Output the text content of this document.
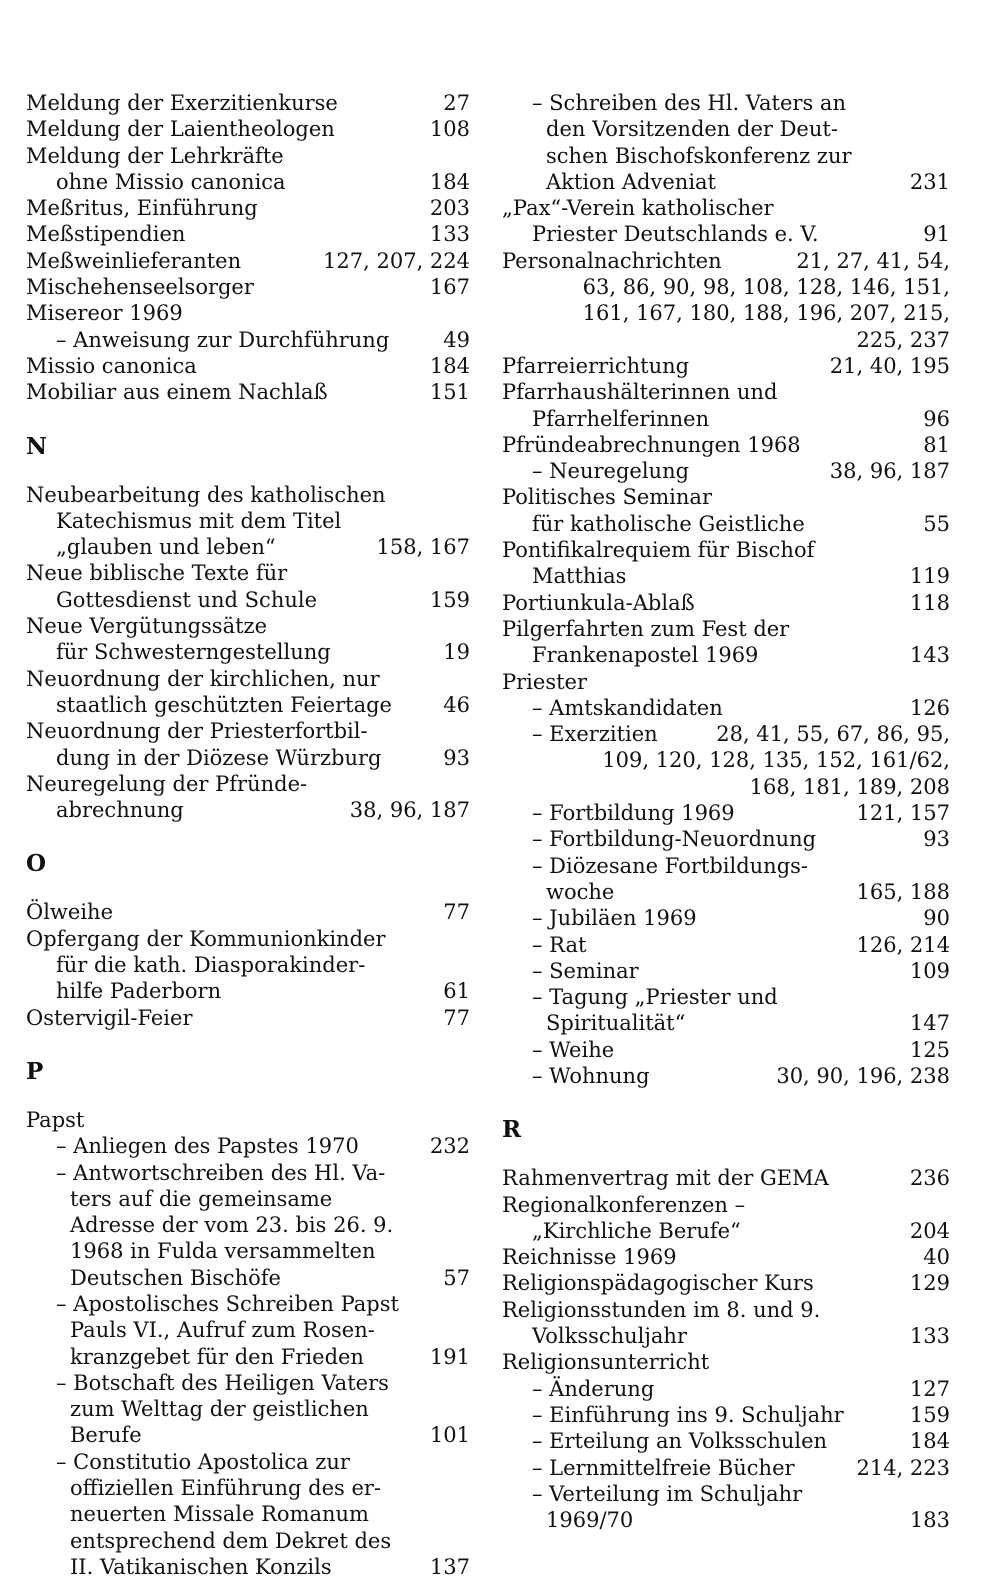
Meldung der Exerzitienkurse	27
Meldung der Laientheologen	108
Meldung der Lehrkräfte
ohne Missio canonica	184
Meßritus, Einführung	203
Meßstipendien	133
Meßweinlieferanten	127, 207, 224
Mischehenseelsorger	167
Misereor 1969
– Anweisung zur Durchführung	49
Missio canonica	184
Mobiliar aus einem Nachlaß	151
N
Neubearbeitung des katholischen
Katechismus mit dem Titel
„glauben und leben“	158, 167
Neue biblische Texte für
Gottesdienst und Schule	159
Neue Vergütungssätze
für Schwesterngestellung	19
Neuordnung der kirchlichen, nur
staatlich geschützten Feiertage	46
Neuordnung der Priesterfortbil-
dung in der Diözese Würzburg	93
Neuregelung der Pfründe-
abrechnung	38, 96, 187
O
Ölweihe	77
Opfergang der Kommunionkinder
für die kath. Diasporakinder-
hilfe Paderborn	61
Ostervigil-Feier	77
P
Papst
– Anliegen des Papstes 1970	232
– Antwortschreiben des Hl. Va-
ters auf die gemeinsame
Adresse der vom 23. bis 26. 9.
1968 in Fulda versammelten
Deutschen Bischöfe	57
– Apostolisches Schreiben Papst
Pauls VI., Aufruf zum Rosen-
kranzgebet für den Frieden	191
– Botschaft des Heiligen Vaters
zum Welttag der geistlichen
Berufe	101
– Constitutio Apostolica zur
offiziellen Einführung des er-
neuerten Missale Romanum
entsprechend dem Dekret des
II. Vatikanischen Konzils	137
– Schreiben des Hl. Vaters an
den Vorsitzenden der Deut-
schen Bischofskonferenz zur
Aktion Adveniat	231
„Pax“-Verein katholischer
Priester Deutschlands e. V.	91
Personalnachrichten	21, 27, 41, 54,
63, 86, 90, 98, 108, 128, 146, 151,
161, 167, 180, 188, 196, 207, 215,
225, 237
Pfarreierrichtung	21, 40, 195
Pfarrhaushälterinnen und
Pfarrhelferinnen	96
Pfründeabrechnungen 1968	81
– Neuregelung	38, 96, 187
Politisches Seminar
für katholische Geistliche	55
Pontifikalrequiem für Bischof
Matthias	119
Portiunkula-Ablaß	118
Pilgerfahrten zum Fest der
Frankenapostel 1969	143
Priester
– Amtskandidaten	126
– Exerzitien	28, 41, 55, 67, 86, 95,
109, 120, 128, 135, 152, 161/62,
168, 181, 189, 208
– Fortbildung 1969	121, 157
– Fortbildung-Neuordnung	93
– Diözesane Fortbildungs-
woche	165, 188
– Jubiläen 1969	90
– Rat	126, 214
– Seminar	109
– Tagung „Priester und
Spiritualität“	147
– Weihe	125
– Wohnung	30, 90, 196, 238
R
Rahmenvertrag mit der GEMA	236
Regionalkonferenzen –
„Kirchliche Berufe“	204
Reichnisse 1969	40
Religionspädagogischer Kurs	129
Religionsstunden im 8. und 9.
Volksschuljahr	133
Religionsunterricht
– Änderung	127
– Einführung ins 9. Schuljahr	159
– Erteilung an Volksschulen	184
– Lernmittelfreie Bücher	214, 223
– Verteilung im Schuljahr
1969/70	183
